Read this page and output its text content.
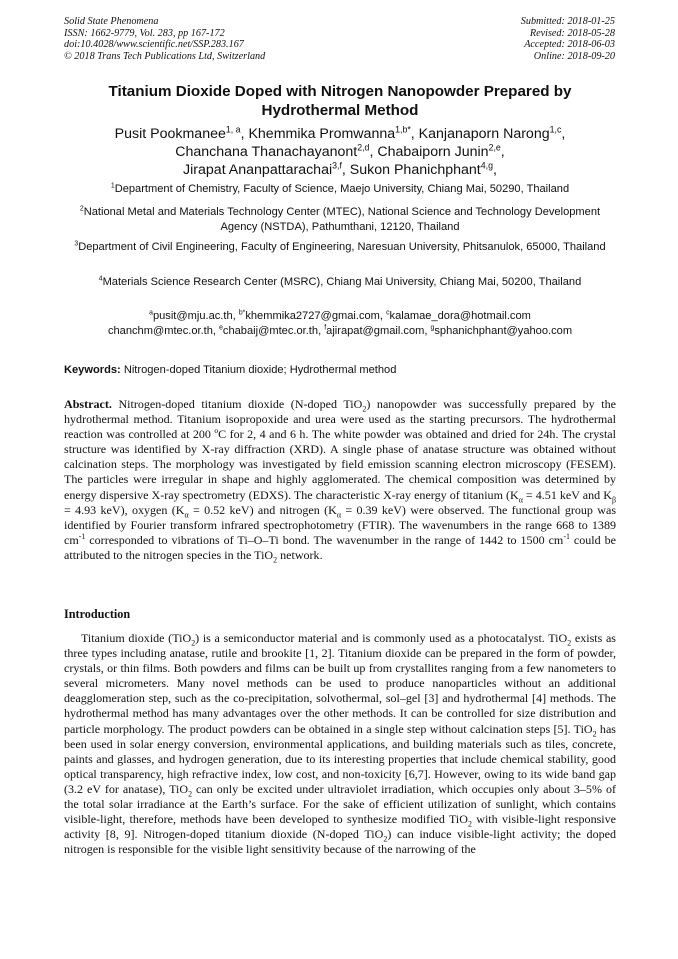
Solid State Phenomena
ISSN: 1662-9779, Vol. 283, pp 167-172
doi:10.4028/www.scientific.net/SSP.283.167
© 2018 Trans Tech Publications Ltd, Switzerland
Submitted: 2018-01-25
Revised: 2018-05-28
Accepted: 2018-06-03
Online: 2018-09-20
Titanium Dioxide Doped with Nitrogen Nanopowder Prepared by Hydrothermal Method
Pusit Pookmanee$^{1, a}$, Khemmika Promwanna$^{1,b*}$, Kanjanaporn Narong$^{1,c}$,
Chanchana Thanachayanont$^{2,d}$, Chabaiporn Junin$^{2,e}$,
Jirapat Ananpattarachai$^{3,f}$, Sukon Phanichphant$^{4,g}$,
$^1$Department of Chemistry, Faculty of Science, Maejo University, Chiang Mai, 50290, Thailand
$^2$National Metal and Materials Technology Center (MTEC), National Science and Technology Development Agency (NSTDA), Pathumthani, 12120, Thailand
$^3$Department of Civil Engineering, Faculty of Engineering, Naresuan University, Phitsanulok, 65000, Thailand
$^4$Materials Science Research Center (MSRC), Chiang Mai University, Chiang Mai, 50200, Thailand
$^a$pusit@mju.ac.th, $^{b*}$khemmika2727@gmai.com, $^c$kalamae_dora@hotmail.com
chanchm@mtec.or.th, $^e$chabaij@mtec.or.th, $^f$ajirapat@gmail.com, $^g$sphanichphant@yahoo.com
Keywords: Nitrogen-doped Titanium dioxide; Hydrothermal method

Abstract. Nitrogen-doped titanium dioxide (N-doped TiO$_2$) nanopowder was successfully prepared by the hydrothermal method. Titanium isopropoxide and urea were used as the starting precursors. The hydrothermal reaction was controlled at 200 ºC for 2, 4 and 6 h. The white powder was obtained and dried for 24h. The crystal structure was identified by X-ray diffraction (XRD). A single phase of anatase structure was obtained without calcination steps. The morphology was investigated by field emission scanning electron microscopy (FESEM). The particles were irregular in shape and highly agglomerated. The chemical composition was determined by energy dispersive X-ray spectrometry (EDXS). The characteristic X-ray energy of titanium ($K_\alpha = 4.51$ keV and $K_\beta = 4.93$ keV), oxygen ($K_\alpha = 0.52$ keV) and nitrogen ($K_\alpha = 0.39$ keV) were observed. The functional group was identified by Fourier transform infrared spectrophotometry (FTIR). The wavenumbers in the range 668 to 1389 $cm^{-1}$ corresponded to vibrations of Ti–O–Ti bond. The wavenumber in the range of 1442 to 1500 $cm^{-1}$ could be attributed to the nitrogen species in the TiO$_2$ network.

Introduction

Titanium dioxide (TiO$_2$) is a semiconductor material and is commonly used as a photocatalyst. TiO$_2$ exists as three types including anatase, rutile and brookite [1, 2]. Titanium dioxide can be prepared in the form of powder, crystals, or thin films. Both powders and films can be built up from crystallites ranging from a few nanometers to several micrometers. Many novel methods can be used to produce nanoparticles without an additional deagglomeration step, such as the co-precipitation, solvothermal, sol–gel [3] and hydrothermal [4] methods. The hydrothermal method has many advantages over the other methods. It can be controlled for size distribution and particle morphology. The product powders can be obtained in a single step without calcination steps [5]. TiO$_2$ has been used in solar energy conversion, environmental applications, and building materials such as tiles, concrete, paints and glasses, and hydrogen generation, due to its interesting properties that include chemical stability, good optical transparency, high refractive index, low cost, and non-toxicity [6,7]. However, owing to its wide band gap (3.2 eV for anatase), TiO$_2$ can only be excited under ultraviolet irradiation, which occupies only about 3–5% of the total solar irradiance at the Earth’s surface. For the sake of efficient utilization of sunlight, which contains visible-light, therefore, methods have been developed to synthesize modified TiO$_2$ with visible-light responsive activity [8, 9]. Nitrogen-doped titanium dioxide (N-doped TiO$_2$) can induce visible-light activity; the doped nitrogen is responsible for the visible light sensitivity because of the narrowing of the
